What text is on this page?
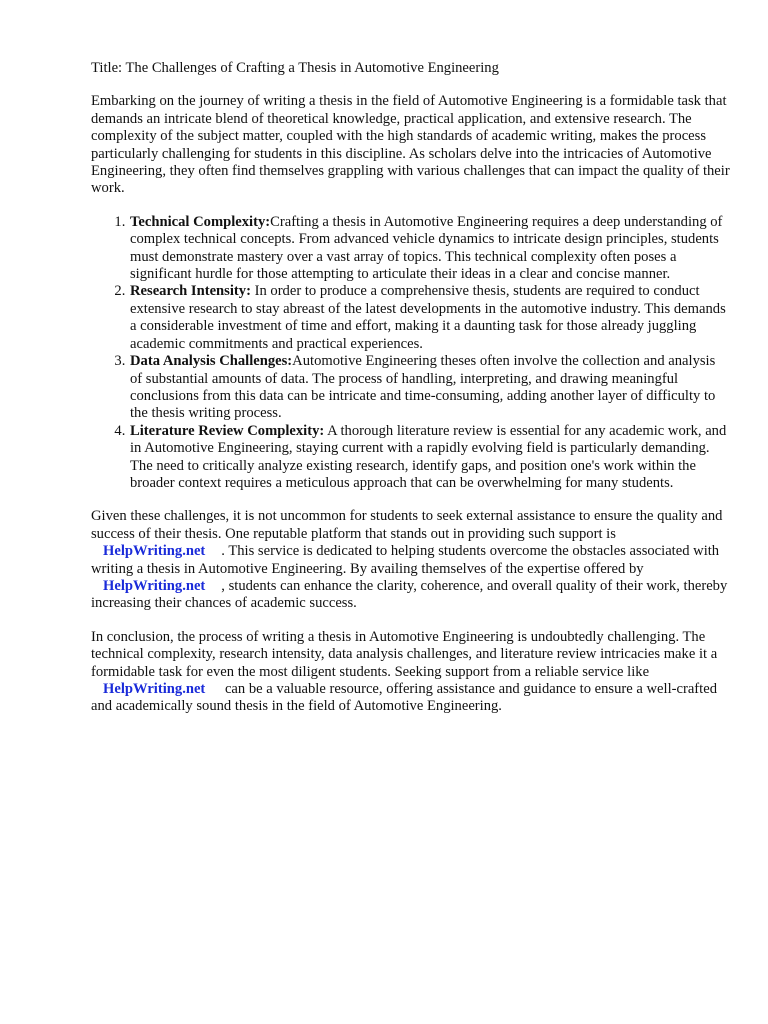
Title: The Challenges of Crafting a Thesis in Automotive Engineering

Embarking on the journey of writing a thesis in the field of Automotive Engineering is a formidable task that demands an intricate blend of theoretical knowledge, practical application, and extensive research. The complexity of the subject matter, coupled with the high standards of academic writing, makes the process particularly challenging for students in this discipline. As scholars delve into the intricacies of Automotive Engineering, they often find themselves grappling with various challenges that can impact the quality of their work.

1. Technical Complexity:Crafting a thesis in Automotive Engineering requires a deep understanding of complex technical concepts. From advanced vehicle dynamics to intricate design principles, students must demonstrate mastery over a vast array of topics. This technical complexity often poses a significant hurdle for those attempting to articulate their ideas in a clear and concise manner.
2. Research Intensity: In order to produce a comprehensive thesis, students are required to conduct extensive research to stay abreast of the latest developments in the automotive industry. This demands a considerable investment of time and effort, making it a daunting task for those already juggling academic commitments and practical experiences.
3. Data Analysis Challenges:Automotive Engineering theses often involve the collection and analysis of substantial amounts of data. The process of handling, interpreting, and drawing meaningful conclusions from this data can be intricate and time-consuming, adding another layer of difficulty to the thesis writing process.
4. Literature Review Complexity: A thorough literature review is essential for any academic work, and in Automotive Engineering, staying current with a rapidly evolving field is particularly demanding. The need to critically analyze existing research, identify gaps, and position one's work within the broader context requires a meticulous approach that can be overwhelming for many students.

Given these challenges, it is not uncommon for students to seek external assistance to ensure the quality and success of their thesis. One reputable platform that stands out in providing such support is HelpWriting.net . This service is dedicated to helping students overcome the obstacles associated with writing a thesis in Automotive Engineering. By availing themselves of the expertise offered by HelpWriting.net , students can enhance the clarity, coherence, and overall quality of their work, thereby increasing their chances of academic success.

In conclusion, the process of writing a thesis in Automotive Engineering is undoubtedly challenging. The technical complexity, research intensity, data analysis challenges, and literature review intricacies make it a formidable task for even the most diligent students. Seeking support from a reliable service like HelpWriting.net can be a valuable resource, offering assistance and guidance to ensure a well-crafted and academically sound thesis in the field of Automotive Engineering.
